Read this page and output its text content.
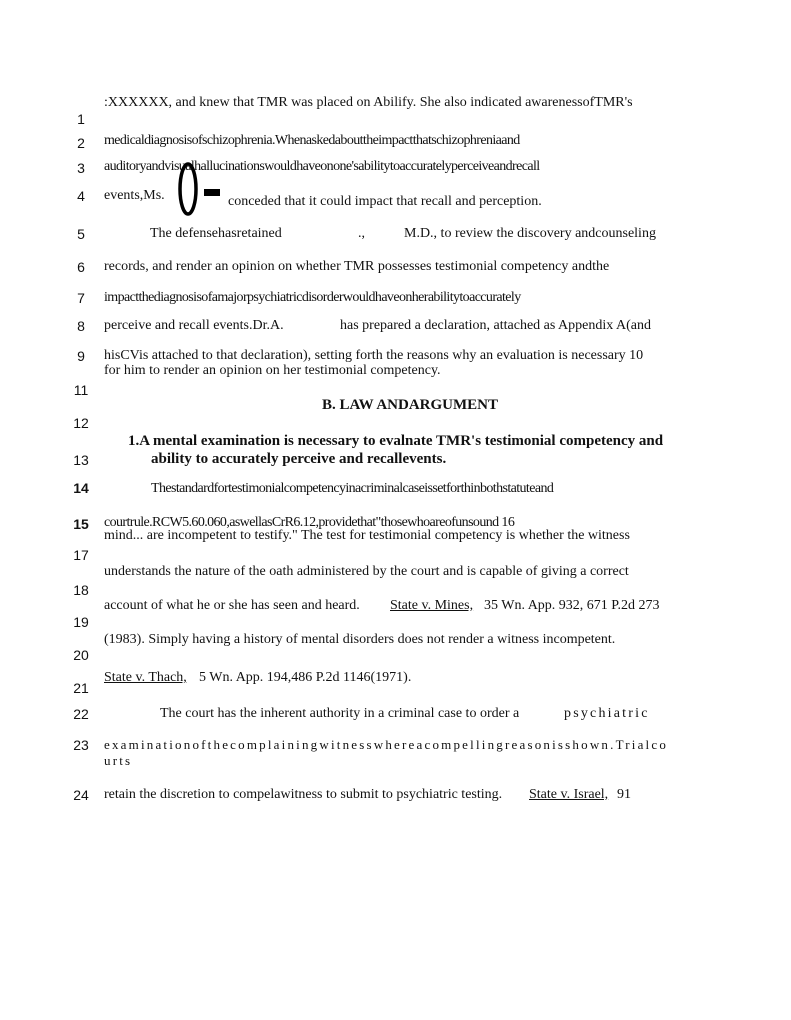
1
2
3
4
5
6
7
8
9
11
12
13
14
15
17
18
19
20
21
22
23
24
:XXXXXX, and knew that TMR was placed on Abilify. She also indicated awarenessofTMR's
medicaldiagnosisofschizophrenia.Whenaskedabouttheimpactthatschizophreniaand
auditoryandvisualhallucinationswouldhaveonone'sabilitytoaccuratelyperceiveandrecall
events,Ms.	conceded that it could impact that recall and perception.
The defensehasretained	.,	M.D., to review the discovery andcounseling
records, and render an opinion on whether TMR possesses testimonial competency andthe
impactthediagnosisofamajorpsychiatricdisorderwouldhaveonherabilitytoaccurately
perceive and recall events.Dr.A.	has prepared a declaration, attached as Appendix A(and
hisCVis attached to that declaration), setting forth the reasons why an evaluation is necessary 10
for him to render an opinion on her testimonial competency.
B. LAW ANDARGUMENT
1.A mental examination is necessary to evalnate TMR's testimonial competency and
ability to accurately perceive and recallevents.
Thestandardfortestimonialcompetencyinacriminalcaseissetforthinbothstatuteand
courtrule.RCW5.60.060,aswellasCrR6.12,providethat"thosewhoareofunsound 16
mind... are incompetent to testify." The test for testimonial competency is whether the witness
understands the nature of the oath administered by the court and is capable of giving a correct
account of what he or she has seen and heard. State v. Mines, 35 Wn. App. 932, 671 P.2d 273
(1983). Simply having a history of mental disorders does not render a witness incompetent.
State v. Thach, 5 Wn. App. 194,486 P.2d 1146(1971).
The court has the inherent authority in a criminal case to order a	psychiatric
examinationofthecomplainingwitnesswhereacompellingreasonisshown.Trialco
urts
retain the discretion to compelawitness to submit to psychiatric testing. State v. Israel, 91
